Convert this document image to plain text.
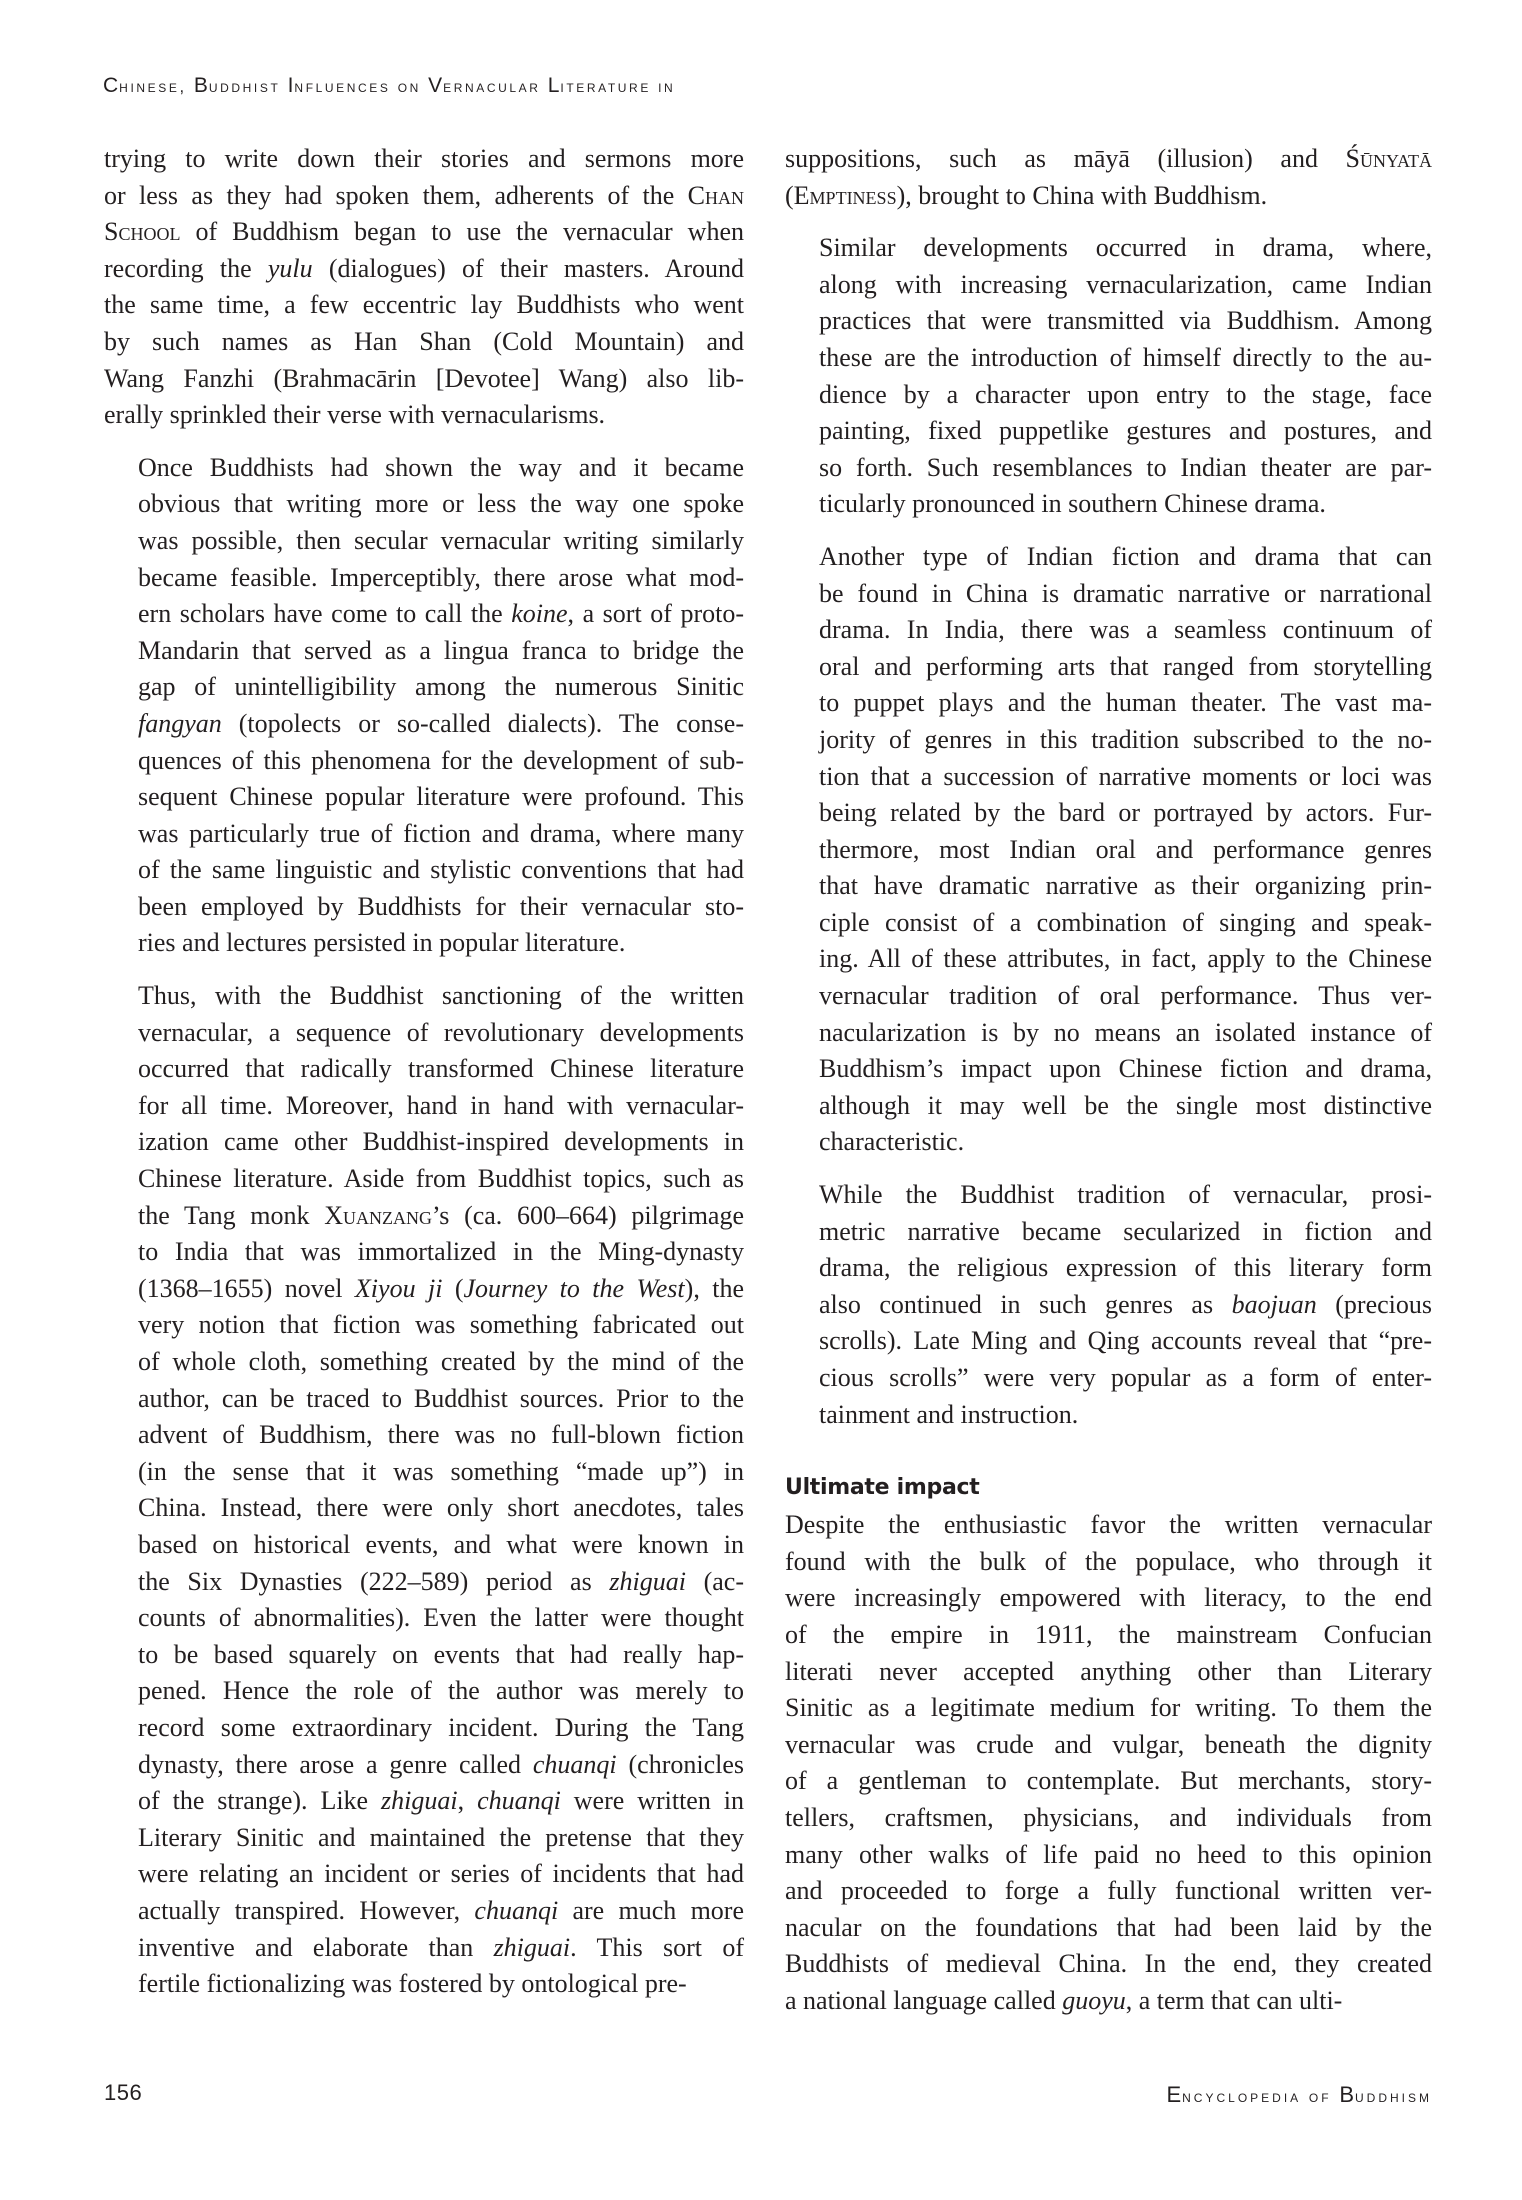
Chinese, Buddhist Influences on Vernacular Literature in

trying to write down their stories and sermons more
or less as they had spoken them, adherents of the Chan
School of Buddhism began to use the vernacular when
recording the yulu (dialogues) of their masters. Around
the same time, a few eccentric lay Buddhists who went
by such names as Han Shan (Cold Mountain) and
Wang Fanzhi (Brahmacārin [Devotee] Wang) also lib-
erally sprinkled their verse with vernacularisms.

Once Buddhists had shown the way and it became
obvious that writing more or less the way one spoke
was possible, then secular vernacular writing similarly
became feasible. Imperceptibly, there arose what mod-
ern scholars have come to call the koine, a sort of proto-
Mandarin that served as a lingua franca to bridge the
gap of unintelligibility among the numerous Sinitic
fangyan (topolects or so-called dialects). The conse-
quences of this phenomena for the development of sub-
sequent Chinese popular literature were profound. This
was particularly true of fiction and drama, where many
of the same linguistic and stylistic conventions that had
been employed by Buddhists for their vernacular sto-
ries and lectures persisted in popular literature.

Thus, with the Buddhist sanctioning of the written
vernacular, a sequence of revolutionary developments
occurred that radically transformed Chinese literature
for all time. Moreover, hand in hand with vernacular-
ization came other Buddhist-inspired developments in
Chinese literature. Aside from Buddhist topics, such as
the Tang monk Xuanzang’s (ca. 600–664) pilgrimage
to India that was immortalized in the Ming-dynasty
(1368–1655) novel Xiyou ji (Journey to the West), the
very notion that fiction was something fabricated out
of whole cloth, something created by the mind of the
author, can be traced to Buddhist sources. Prior to the
advent of Buddhism, there was no full-blown fiction
(in the sense that it was something “made up”) in
China. Instead, there were only short anecdotes, tales
based on historical events, and what were known in
the Six Dynasties (222–589) period as zhiguai (ac-
counts of abnormalities). Even the latter were thought
to be based squarely on events that had really hap-
pened. Hence the role of the author was merely to
record some extraordinary incident. During the Tang
dynasty, there arose a genre called chuanqi (chronicles
of the strange). Like zhiguai, chuanqi were written in
Literary Sinitic and maintained the pretense that they
were relating an incident or series of incidents that had
actually transpired. However, chuanqi are much more
inventive and elaborate than zhiguai. This sort of
fertile fictionalizing was fostered by ontological pre-

suppositions, such as māyā (illusion) and Śūnyatā
(Emptiness), brought to China with Buddhism.

Similar developments occurred in drama, where,
along with increasing vernacularization, came Indian
practices that were transmitted via Buddhism. Among
these are the introduction of himself directly to the au-
dience by a character upon entry to the stage, face
painting, fixed puppetlike gestures and postures, and
so forth. Such resemblances to Indian theater are par-
ticularly pronounced in southern Chinese drama.

Another type of Indian fiction and drama that can
be found in China is dramatic narrative or narrational
drama. In India, there was a seamless continuum of
oral and performing arts that ranged from storytelling
to puppet plays and the human theater. The vast ma-
jority of genres in this tradition subscribed to the no-
tion that a succession of narrative moments or loci was
being related by the bard or portrayed by actors. Fur-
thermore, most Indian oral and performance genres
that have dramatic narrative as their organizing prin-
ciple consist of a combination of singing and speak-
ing. All of these attributes, in fact, apply to the Chinese
vernacular tradition of oral performance. Thus ver-
nacularization is by no means an isolated instance of
Buddhism’s impact upon Chinese fiction and drama,
although it may well be the single most distinctive
characteristic.

While the Buddhist tradition of vernacular, prosi-
metric narrative became secularized in fiction and
drama, the religious expression of this literary form
also continued in such genres as baojuan (precious
scrolls). Late Ming and Qing accounts reveal that “pre-
cious scrolls” were very popular as a form of enter-
tainment and instruction.

Ultimate impact

Despite the enthusiastic favor the written vernacular
found with the bulk of the populace, who through it
were increasingly empowered with literacy, to the end
of the empire in 1911, the mainstream Confucian
literati never accepted anything other than Literary
Sinitic as a legitimate medium for writing. To them the
vernacular was crude and vulgar, beneath the dignity
of a gentleman to contemplate. But merchants, story-
tellers, craftsmen, physicians, and individuals from
many other walks of life paid no heed to this opinion
and proceeded to forge a fully functional written ver-
nacular on the foundations that had been laid by the
Buddhists of medieval China. In the end, they created
a national language called guoyu, a term that can ulti-

156	Encyclopedia of Buddhism
